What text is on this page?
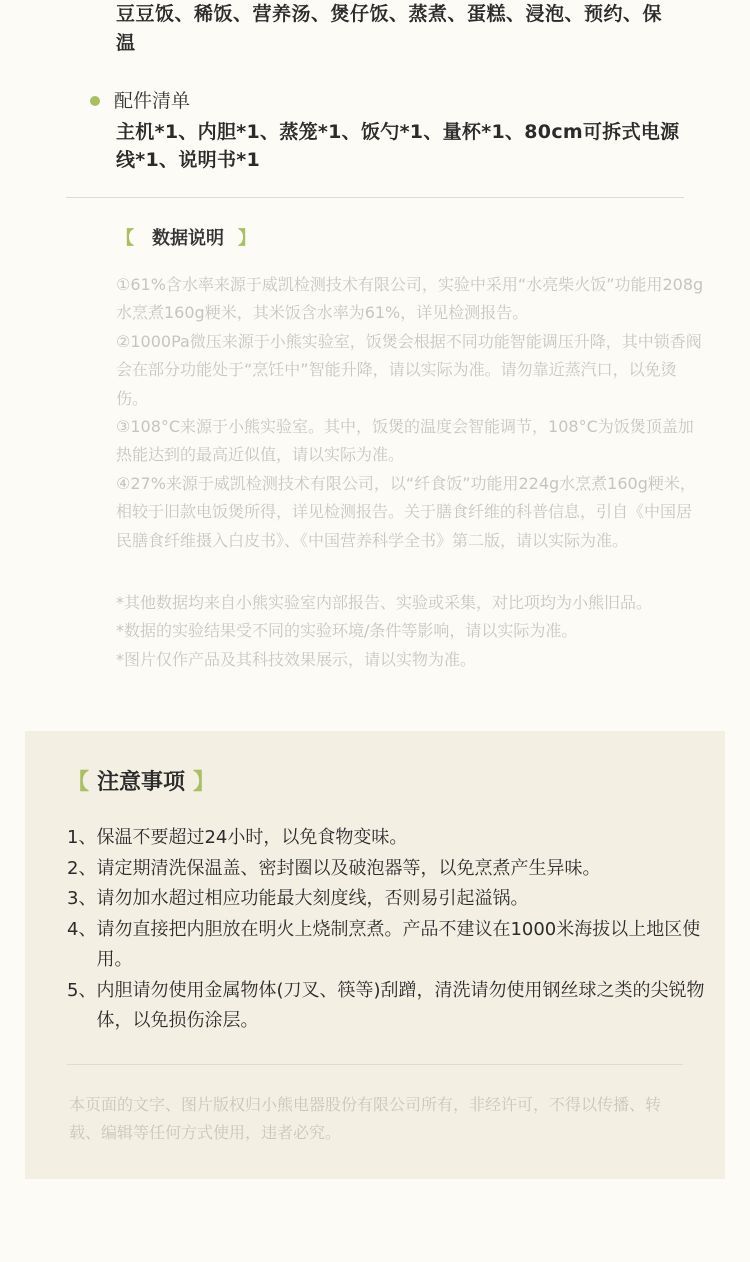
豆豆饭、稀饭、营养汤、煲仔饭、蒸煮、蛋糕、浸泡、预约、保温
配件清单
主机*1、内胆*1、蒸笼*1、饭勺*1、量杯*1、80cm可拆式电源线*1、说明书*1
【 数据说明 】

①61%含水率来源于威凯检测技术有限公司，实验中采用“水亮柴火饭”功能用208g水烹煮160g粳米，其米饭含水率为61%，详见检测报告。

②1000Pa微压来源于小熊实验室，饭煲会根据不同功能智能调压升降，其中锁香阀会在部分功能处于“烹饪中”智能升降，请以实际为准。请勿靠近蒸汽口，以免烫伤。

③108°C来源于小熊实验室。其中，饭煲的温度会智能调节，108°C为饭煲顶盖加热能达到的最高近似值，请以实际为准。

④27%来源于威凯检测技术有限公司，以“纤食饭”功能用224g水烹煮160g粳米，相较于旧款电饭煲所得，详见检测报告。关于膳食纤维的科普信息，引自《中国居民膳食纤维摄入白皮书》、《中国营养科学全书》第二版，请以实际为准。

*其他数据均来自小熊实验室内部报告、实验或采集，对比项均为小熊旧品。

*数据的实验结果受不同的实验环境/条件等影响，请以实际为准。

*图片仅作产品及其科技效果展示，请以实物为准。

【 注意事项 】
1、 保温不要超过24小时，以免食物变味。
2、 请定期清洗保温盖、密封圈以及破泡器等，以免烹煮产生异味。
3、 请勿加水超过相应功能最大刻度线，否则易引起溢锅。
4、 请勿直接把内胆放在明火上烧制烹煮。产品不建议在1000米海拔以上地区使用。
5、 内胆请勿使用金属物体(刀叉、筷等)刮蹭，清洗请勿使用钢丝球之类的尖锐物体，以免损伤涂层。
本页面的文字、图片版权归小熊电器股份有限公司所有，非经许可，不得以传播、转载、编辑等任何方式使用，违者必究。
